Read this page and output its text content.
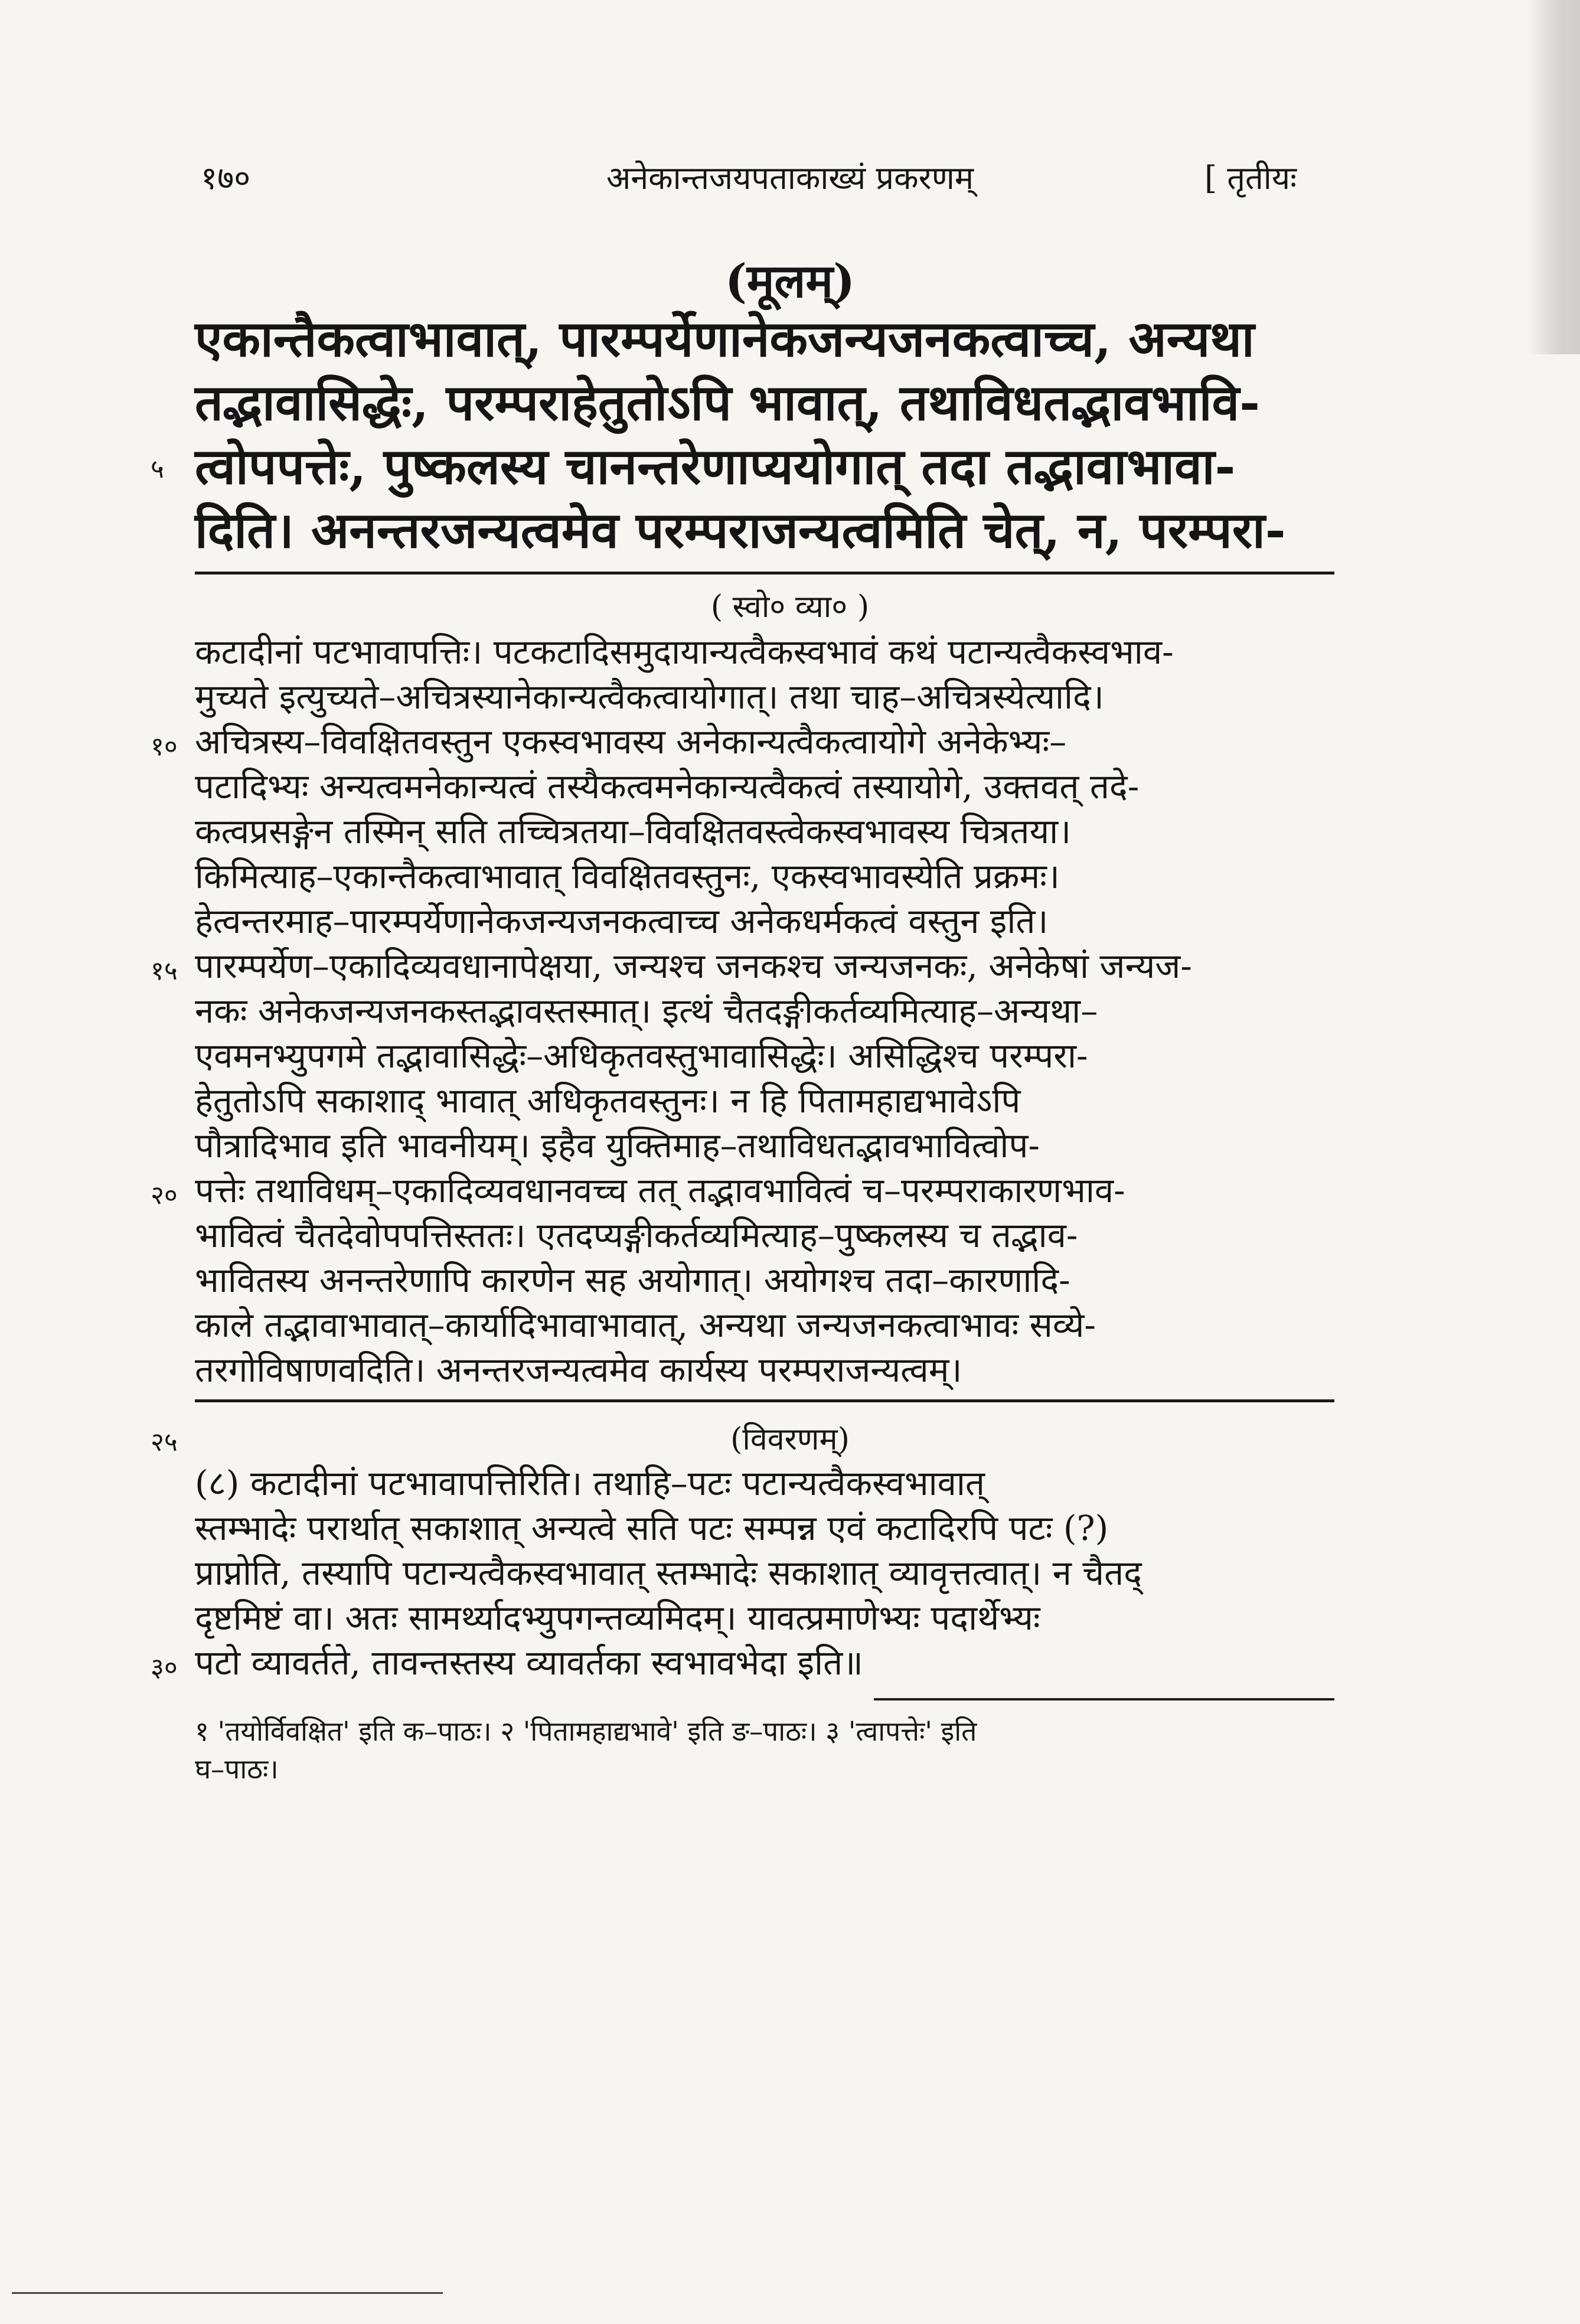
१७०	अनेकान्तजयपताकाख्यं प्रकरणम्	[ तृतीयः
(मूलम्)
एकान्तैकत्वाभावात्, पारम्पर्येणानेकजन्यजनकत्वाच्च, अन्यथा
तद्भावासिद्धेः, परम्पराहेतुतोऽपि भावात्, तथाविधतद्भावभावि-
५ त्वोपपत्तेः, पुष्कलस्य चानन्तरेणाप्ययोगात् तदा तद्भावाभावा-
दिति। अनन्तरजन्यत्वमेव परम्पराजन्यत्वमिति चेत्, न, परम्परा-
( स्वो० व्या० )
कटादीनां पटभावापत्तिः। पटकटादिसमुदायान्यत्वैकस्वभावं कथं पटान्यत्वैकस्वभाव-
मुच्यते इत्युच्यते–अचित्रस्यानेकान्यत्वैकत्वायोगात्। तथा चाह–अचित्रस्येत्यादि।
१० अचित्रस्य–विवक्षितवस्तुन एकस्वभावस्य अनेकान्यत्वैकत्वायोगे अनेकेभ्यः–
पटादिभ्यः अन्यत्वमनेकान्यत्वं तस्यैकत्वमनेकान्यत्वैकत्वं तस्यायोगे, उक्तवत् तदे-
कत्वप्रसङ्गेन तस्मिन् सति तच्चित्रतया–विवक्षितवस्त्वेकस्वभावस्य चित्रतया।
किमित्याह–एकान्तैकत्वाभावात् विवक्षितवस्तुनः, एकस्वभावस्येति प्रक्रमः।
हेत्वन्तरमाह–पारम्पर्येणानेकजन्यजनकत्वाच्च अनेकधर्मकत्वं वस्तुन इति।
१५ पारम्पर्येण–एकादिव्यवधानापेक्षया, जन्यश्च जनकश्च जन्यजनकः, अनेकेषां जन्यज-
नकः अनेकजन्यजनकस्तद्भावस्तस्मात्। इत्थं चैतदङ्गीकर्तव्यमित्याह–अन्यथा–
एवमनभ्युपगमे तद्भावासिद्धेः–अधिकृतवस्तुभावासिद्धेः। असिद्धिश्च परम्परा-
हेतुतोऽपि सकाशाद् भावात् अधिकृतवस्तुनः। न हि पितामहाद्यभावेऽपि
पौत्रादिभाव इति भावनीयम्। इहैव युक्तिमाह–तथाविधतद्भावभावित्वोप-
२० पत्तेः तथाविधम्–एकादिव्यवधानवच्च तत् तद्भावभावित्वं च–परम्पराकारणभाव-
भावित्वं चैतदेवोपपत्तिस्ततः। एतदप्यङ्गीकर्तव्यमित्याह–पुष्कलस्य च तद्भाव-
भावितस्य अनन्तरेणापि कारणेन सह अयोगात्। अयोगश्च तदा–कारणादि-
काले तद्भावाभावात्–कार्यादिभावाभावात्, अन्यथा जन्यजनकत्वाभावः सव्ये-
तरगोविषाणवदिति। अनन्तरजन्यत्वमेव कार्यस्य परम्पराजन्यत्वम्।
२५	(विवरणम्)
(८) कटादीनां पटभावापत्तिरिति। तथाहि–पटः पटान्यत्वैकस्वभावात्
स्तम्भादेः परार्थात् सकाशात् अन्यत्वे सति पटः सम्पन्न एवं कटादिरपि पटः (?)
प्राप्नोति, तस्यापि पटान्यत्वैकस्वभावात् स्तम्भादेः सकाशात् व्यावृत्तत्वात्। न चैतद्
दृष्टमिष्टं वा। अतः सामर्थ्यादभ्युपगन्तव्यमिदम्। यावत्प्रमाणेभ्यः पदार्थेभ्यः
३० पटो व्यावर्तते, तावन्तस्तस्य व्यावर्तका स्वभावभेदा इति॥
१ 'तयोर्विवक्षित' इति क–पाठः। २ 'पितामहाद्यभावे' इति ङ–पाठः। ३ 'त्वापत्तेः' इति
घ–पाठः।
